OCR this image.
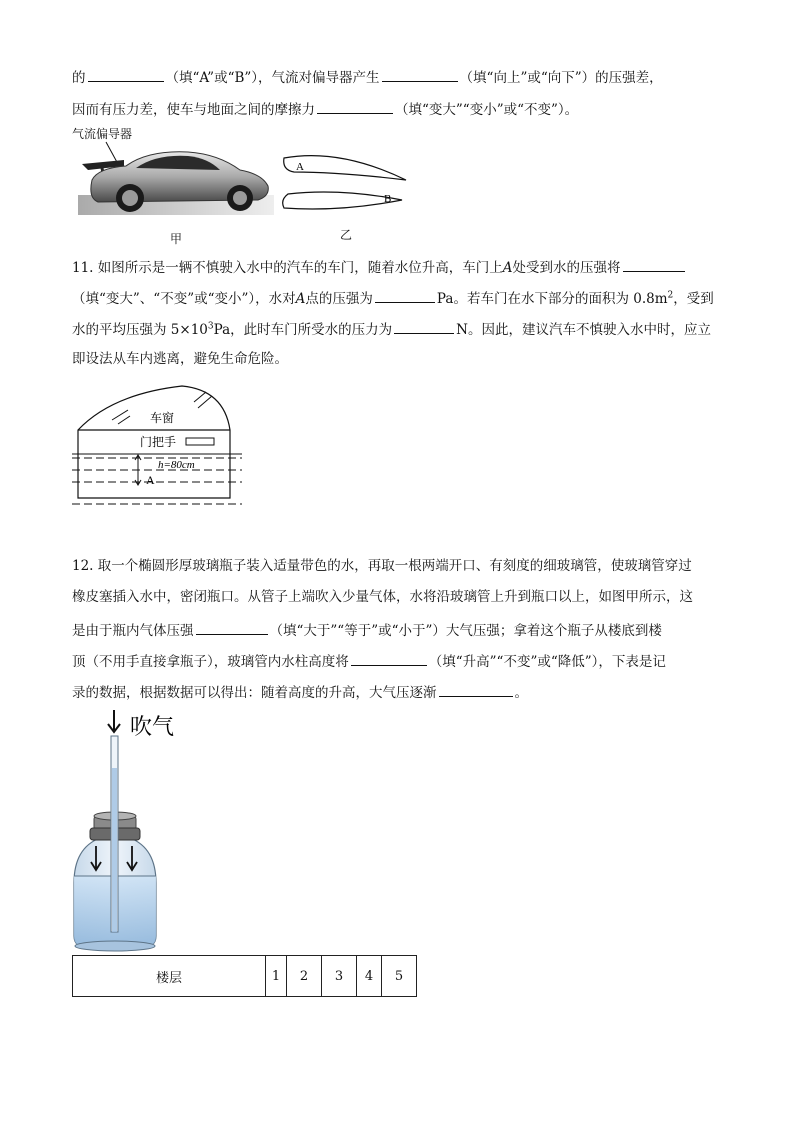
的	（填“A”或“B”），气流对偏导器产生	（填“向上”或“向下”）的压强差，
因而有压力差，使车与地面之间的摩擦力	（填“变大”“变小”或“不变”）。
气流偏导器
甲
A
B
乙
11. 如图所示是一辆不慎驶入水中的汽车的车门，随着水位升高，车门上A处受到水的压强将
（填“变大”、“不变”或“变小”），水对A点的压强为	Pa。若车门在水下部分的面积为 $0.8m^2$，受到
水的平均压强为 $5\times 10^3Pa$，此时车门所受水的压力为	N。因此，建议汽车不慎驶入水中时，应立
即设法从车内逃离，避免生命危险。
车窗
门把手
h=80cm
A
12. 取一个椭圆形厚玻璃瓶子装入适量带色的水，再取一根两端开口、有刻度的细玻璃管，使玻璃管穿过
橡皮塞插入水中，密闭瓶口。从管子上端吹入少量气体，水将沿玻璃管上升到瓶口以上，如图甲所示，这
是由于瓶内气体压强	（填“大于”“等于”或“小于”）大气压强；拿着这个瓶子从楼底到楼
顶（不用手直接拿瓶子），玻璃管内水柱高度将	（填“升高”“不变”或“降低”），下表是记
录的数据，根据数据可以得出：随着高度的升高，大气压逐渐	。
吹气
楼层	1	2	3	4	5
